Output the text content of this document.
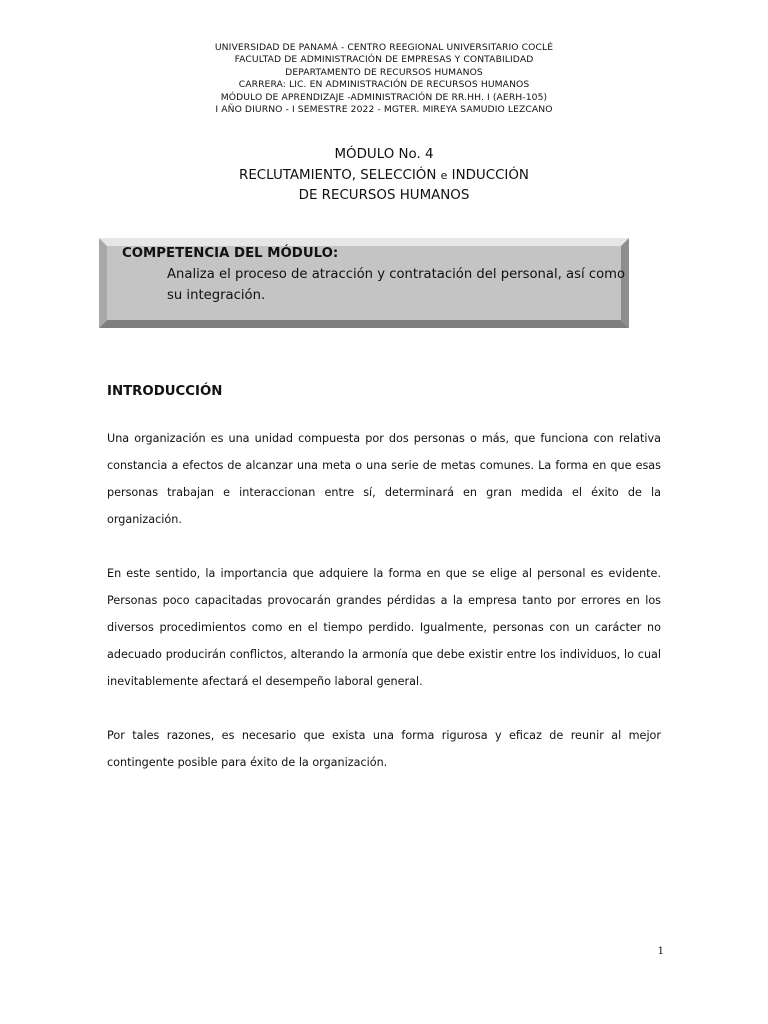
UNIVERSIDAD DE PANAMÁ - CENTRO REEGIONAL UNIVERSITARIO COCLÉ
FACULTAD DE ADMINISTRACIÓN DE EMPRESAS Y CONTABILIDAD
DEPARTAMENTO DE RECURSOS HUMANOS
CARRERA: LIC. EN ADMINISTRACIÓN DE RECURSOS HUMANOS
MÓDULO DE APRENDIZAJE -ADMINISTRACIÓN DE RR.HH. I (AERH-105)
I AÑO DIURNO - I SEMESTRE 2022 - MGTER. MIREYA SAMUDIO LEZCANO
MÓDULO No. 4
RECLUTAMIENTO, SELECCIÓN e INDUCCIÓN
DE RECURSOS HUMANOS
COMPETENCIA DEL MÓDULO:
Analiza el proceso de atracción y contratación del personal, así como su integración.
INTRODUCCIÓN
Una organización es una unidad compuesta por dos personas o más, que funciona con relativa constancia a efectos de alcanzar una meta o una serie de metas comunes. La forma en que esas personas trabajan e interaccionan entre sí, determinará en gran medida el éxito de la organización.
En este sentido, la importancia que adquiere la forma en que se elige al personal es evidente. Personas poco capacitadas provocarán grandes pérdidas a la empresa tanto por errores en los diversos procedimientos como en el tiempo perdido. Igualmente, personas con un carácter no adecuado producirán conflictos, alterando la armonía que debe existir entre los individuos, lo cual inevitablemente afectará el desempeño laboral general.
Por tales razones, es necesario que exista una forma rigurosa y eficaz de reunir al mejor contingente posible para éxito de la organización.
1
